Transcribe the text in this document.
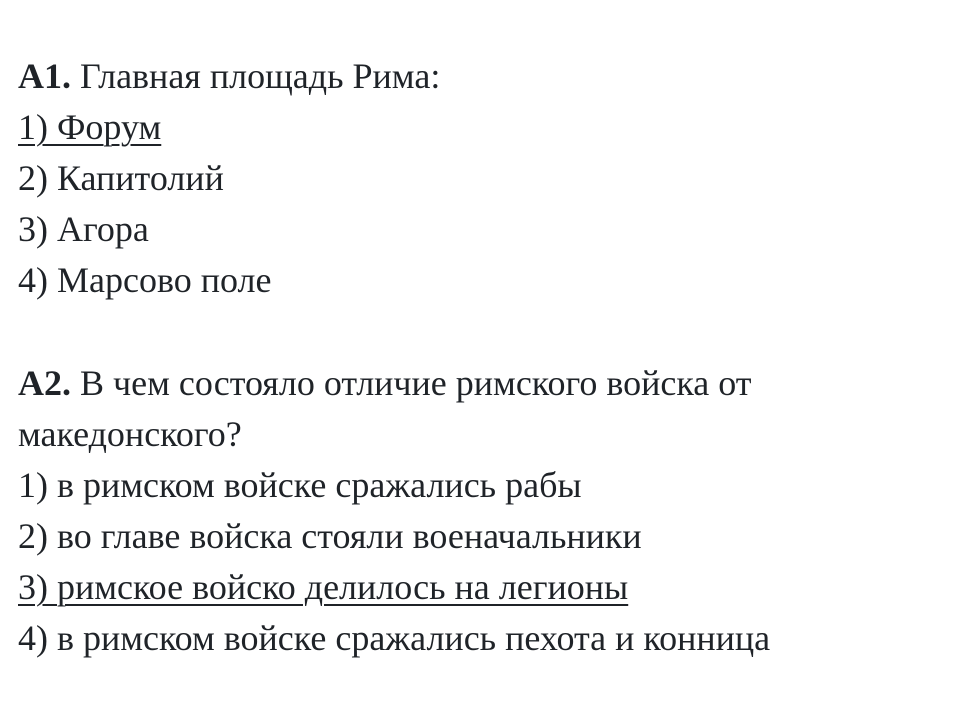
А1. Главная площадь Рима:

1) Форум

2) Капитолий

3) Агора

4) Марсово поле

А2. В чем состояло отличие римского войска от

македонского?

1) в римском войске сражались рабы

2) во главе войска стояли военачальники

3) римское войско делилось на легионы

4) в римском войске сражались пехота и конница
